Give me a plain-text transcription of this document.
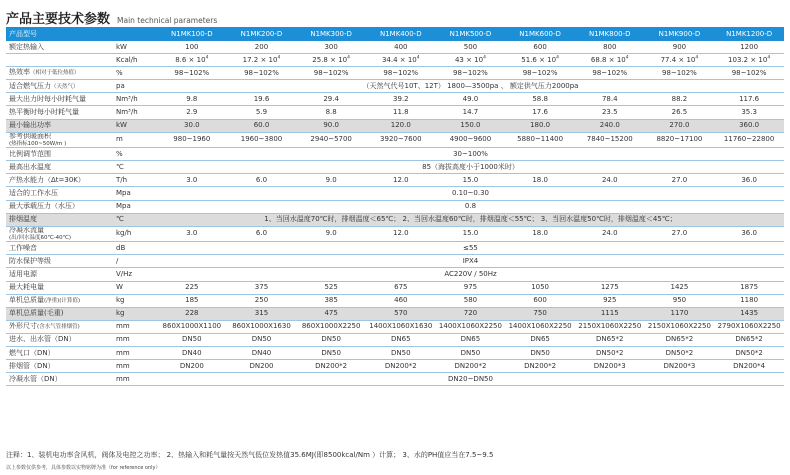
产品主要技术参数 Main technical parameters
产品型号		N1MK100-D	N1MK200-D	N1MK300-D	N1MK400-D	N1MK500-D	N1MK600-D	N1MK800-D	N1MK900-D	N1MK1200-D
额定热输入	kW	100	200	300	400	500	600	800	900	1200
	Kcal/h	$8.6 \times 10^4$	$17.2 \times 10^4$	$25.8 \times 10^4$	$34.4 \times 10^4$	$43 \times 10^4$	$51.6 \times 10^4$	$68.8 \times 10^4$	$77.4 \times 10^4$	$103.2 \times 10^4$
热效率（相对于低位热值）	%	98~102%	98~102%	98~102%	98~102%	98~102%	98~102%	98~102%	98~102%	98~102%
适合燃气压力（天然气）	pa	（天然气代号10T、12T） 1800—3500pa 、 额定供气压力2000pa								
最大出力时每小时耗气量	Nm³/h	9.8	19.6	29.4	39.2	49.0	58.8	78.4	88.2	117.6
热平衡时每小时耗气量	Nm³/h	2.9	5.9	8.8	11.8	14.7	17.6	23.5	26.5	35.3
最小输出功率	kW	30.0	60.0	90.0	120.0	150.0	180.0	240.0	270.0	360.0
参考供暖面积
(热指标100~50W/m )	m	980~1960	1960~3800	2940~5700	3920~7600	4900~9600	5880~11400	7840~15200	8820~17100	11760~22800
比例调节范围	%	30~100%								
最高出水温度	℃	85（海拔高度小于1000米时）								
产热水能力（Δt=30K）	T/h	3.0	6.0	9.0	12.0	15.0	18.0	24.0	27.0	36.0
适合的工作水压	Mpa	0.10~0.30								
最大承载压力（水压）	Mpa	0.8								
排烟温度	℃	1、当回水温度70℃时，排烟温度＜65℃； 2、当回水温度60℃时，排烟温度＜55℃； 3、当回水温度50℃时，排烟温度＜45℃；								
冷凝水流量
(出/回水温度60℃-40℃)	kg/h	3.0	6.0	9.0	12.0	15.0	18.0	24.0	27.0	36.0
工作噪音	dB	≤55								
防水保护等级	/	IPX4								
适用电源	V/Hz	AC220V / 50Hz								
最大耗电量	W	225	375	525	675	975	1050	1275	1425	1875
单机总质量(净重)(计算值)	kg	185	250	385	460	580	600	925	950	1180
单机总质量(毛重)	kg	228	315	475	570	720	750	1115	1170	1435
外形尺寸(含水气管排烟管)	mm	860X1000X1100	860X1000X1630	860X1000X2250	1400X1060X1630	1400X1060X2250	1400X1060X2250	2150X1060X2250	2150X1060X2250	2790X1060X2250
进水、出水管（DN）	mm	DN50	DN50	DN50	DN65	DN65	DN65	DN65*2	DN65*2	DN65*2
燃气口（DN）	mm	DN40	DN40	DN50	DN50	DN50	DN50	DN50*2	DN50*2	DN50*2
排烟管（DN）	mm	DN200	DN200	DN200*2	DN200*2	DN200*2	DN200*2	DN200*3	DN200*3	DN200*4
冷凝水管（DN）	mm	DN20~DN50								
注释：1、装机电功率含风机，阀体及电控之功率； 2、热输入和耗气量按天然气低位发热值35.6MJ(即8500kcal/Nm ）计算； 3、水的PH值应当在7.5~9.5
以上参数仅供参考，具体参数以实物铭牌为准（for reference only）
